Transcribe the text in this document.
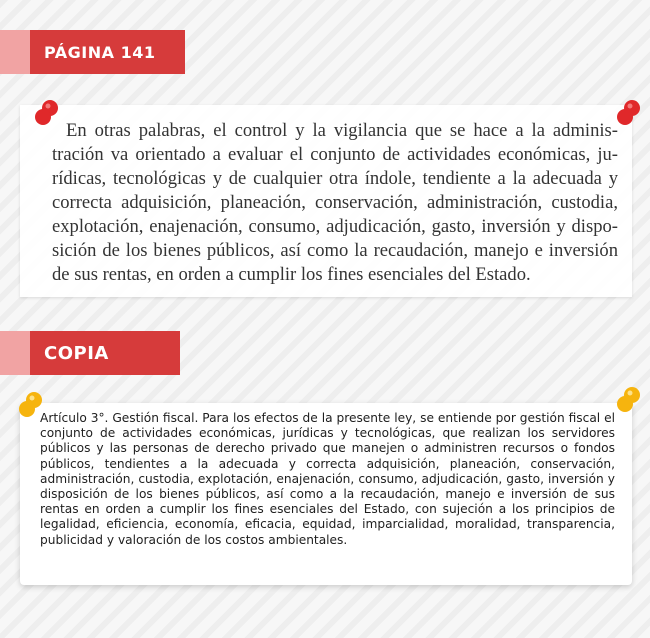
PÁGINA 141

En otras palabras, el control y la vigilancia que se hace a la administración va orientado a evaluar el conjunto de actividades económicas, jurídicas, tecnológicas y de cualquier otra índole, tendiente a la adecuada y correcta adquisición, planeación, conservación, administración, custodia, explotación, enajenación, consumo, adjudicación, gasto, inversión y disposición de los bienes públicos, así como la recaudación, manejo e inversión de sus rentas, en orden a cumplir los fines esenciales del Estado.

COPIA

Artículo 3°. Gestión fiscal. Para los efectos de la presente ley, se entiende por gestión fiscal el conjunto de actividades económicas, jurídicas y tecnológicas, que realizan los servidores públicos y las personas de derecho privado que manejen o administren recursos o fondos públicos, tendientes a la adecuada y correcta adquisición, planeación, conservación, administración, custodia, explotación, enajenación, consumo, adjudicación, gasto, inversión y disposición de los bienes públicos, así como a la recaudación, manejo e inversión de sus rentas en orden a cumplir los fines esenciales del Estado, con sujeción a los principios de legalidad, eficiencia, economía, eficacia, equidad, imparcialidad, moralidad, transparencia, publicidad y valoración de los costos ambientales.
